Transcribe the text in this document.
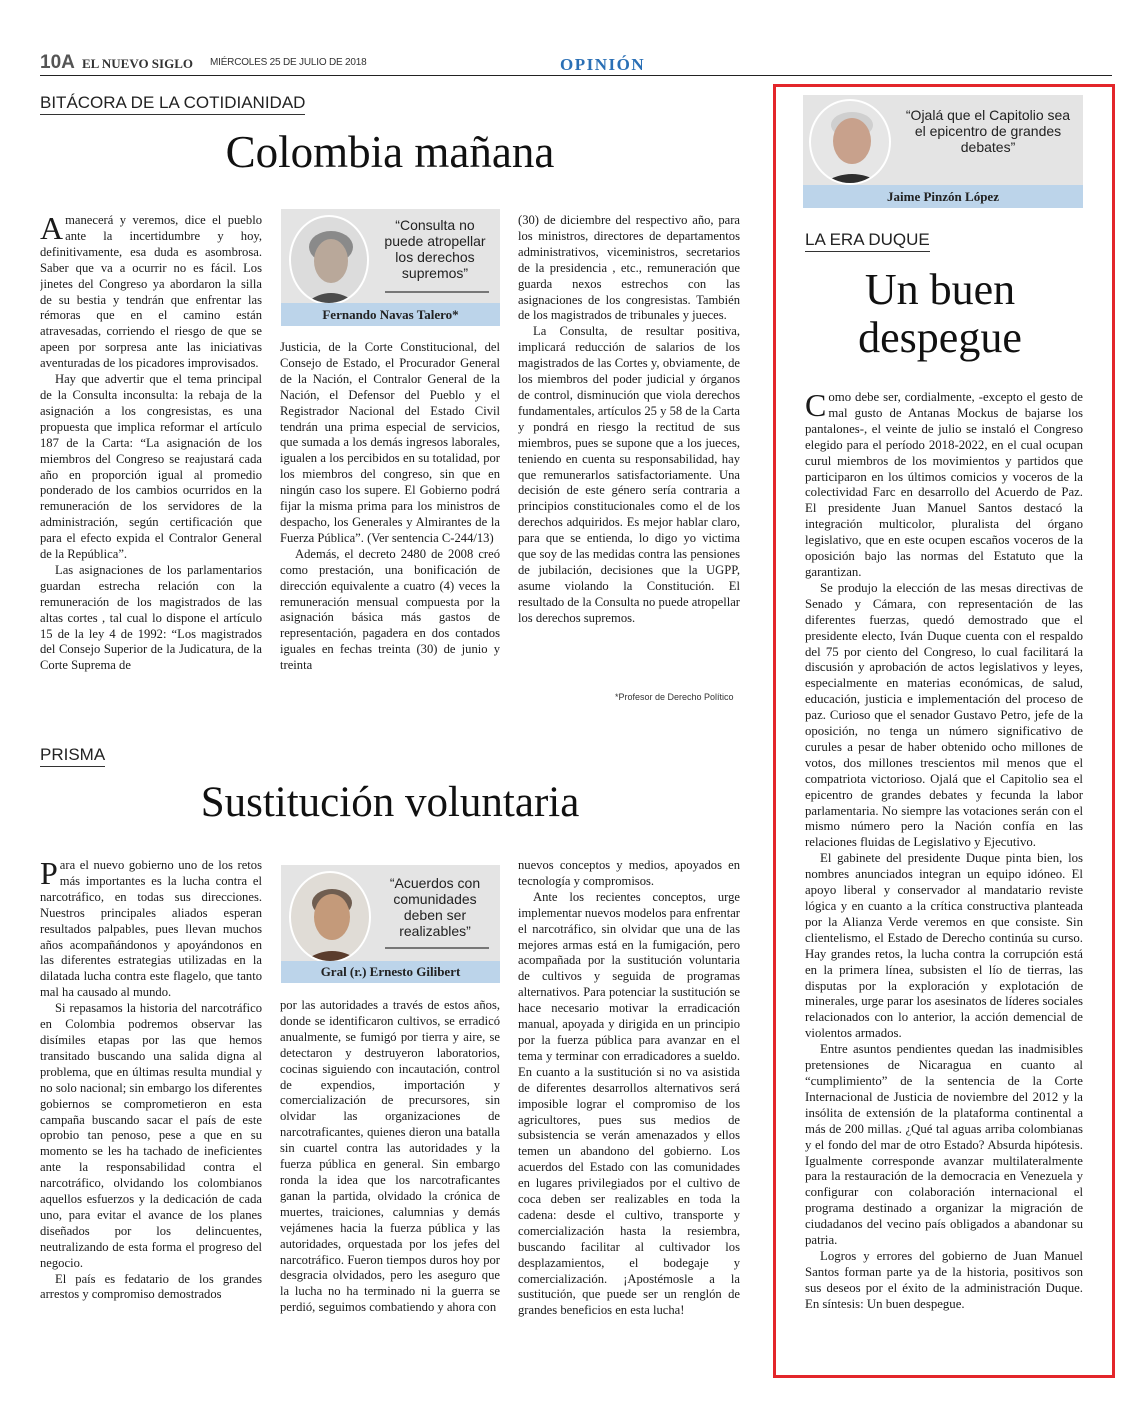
10A EL NUEVO SIGLO MIÉRCOLES 25 DE JULIO DE 2018	OPINIÓN
BITÁCORA DE LA COTIDIANIDAD
Colombia mañana

Amanecerá y veremos, dice el pueblo ante la incertidumbre y hoy, definitivamente, esa duda es asombrosa. Saber que va a ocurrir no es fácil. Los jinetes del Congreso ya abordaron la silla de su bestia y tendrán que enfrentar las rémoras que en el camino están atravesadas, corriendo el riesgo de que se apeen por sorpresa ante las iniciativas aventuradas de los picadores improvisados.

Hay que advertir que el tema principal de la Consulta inconsulta: la rebaja de la asignación a los congresistas, es una propuesta que implica reformar el artículo 187 de la Carta: “La asignación de los miembros del Congreso se reajustará cada año en proporción igual al promedio ponderado de los cambios ocurridos en la remuneración de los servidores de la administración, según certificación que para el efecto expida el Contralor General de la República”.

Las asignaciones de los parlamentarios guardan estrecha relación con la remuneración de los magistrados de las altas cortes , tal cual lo dispone el artículo 15 de la ley 4 de 1992: “Los magistrados del Consejo Superior de la Judicatura, de la Corte Suprema de

“Consulta no puede atropellar los derechos supremos”
Fernando Navas Talero*

Justicia, de la Corte Constitucional, del Consejo de Estado, el Procurador General de la Nación, el Contralor General de la Nación, el Defensor del Pueblo y el Registrador Nacional del Estado Civil tendrán una prima especial de servicios, que sumada a los demás ingresos laborales, igualen a los percibidos en su totalidad, por los miembros del congreso, sin que en ningún caso los supere. El Gobierno podrá fijar la misma prima para los ministros de despacho, los Generales y Almirantes de la Fuerza Pública”. (Ver sentencia C-244/13)

Además, el decreto 2480 de 2008 creó como prestación, una bonificación de dirección equivalente a cuatro (4) veces la remuneración mensual compuesta por la asignación básica más gastos de representación, pagadera en dos contados iguales en fechas treinta (30) de junio y treinta

(30) de diciembre del respectivo año, para los ministros, directores de departamentos administrativos, viceministros, secretarios de la presidencia , etc., remuneración que guarda nexos estrechos con las asignaciones de los congresistas. También de los magistrados de tribunales y jueces.

La Consulta, de resultar positiva, implicará reducción de salarios de los magistrados de las Cortes y, obviamente, de los miembros del poder judicial y órganos de control, disminución que viola derechos fundamentales, artículos 25 y 58 de la Carta y pondrá en riesgo la rectitud de sus miembros, pues se supone que a los jueces, teniendo en cuenta su responsabilidad, hay que remunerarlos satisfactoriamente. Una decisión de este género sería contraria a principios constitucionales como el de los derechos adquiridos. Es mejor hablar claro, para que se entienda, lo digo yo victima que soy de las medidas contra las pensiones de jubilación, decisiones que la UGPP, asume violando la Constitución. El resultado de la Consulta no puede atropellar los derechos supremos.

*Profesor de Derecho Político
PRISMA
Sustitución voluntaria

Para el nuevo gobierno uno de los retos más importantes es la lucha contra el narcotráfico, en todas sus direcciones. Nuestros principales aliados esperan resultados palpables, pues llevan muchos años acompañándonos y apoyándonos en las diferentes estrategias utilizadas en la dilatada lucha contra este flagelo, que tanto mal ha causado al mundo.

Si repasamos la historia del narcotráfico en Colombia podremos observar las disímiles etapas por las que hemos transitado buscando una salida digna al problema, que en últimas resulta mundial y no solo nacional; sin embargo los diferentes gobiernos se comprometieron en esta campaña buscando sacar el país de este oprobio tan penoso, pese a que en su momento se les ha tachado de ineficientes ante la responsabilidad contra el narcotráfico, olvidando los colombianos aquellos esfuerzos y la dedicación de cada uno, para evitar el avance de los planes diseñados por los delincuentes, neutralizando de esta forma el progreso del negocio.

El país es fedatario de los grandes arrestos y compromiso demostrados

“Acuerdos con comunidades deben ser realizables”
Gral (r.) Ernesto Gilibert

por las autoridades a través de estos años, donde se identificaron cultivos, se erradicó anualmente, se fumigó por tierra y aire, se detectaron y destruyeron laboratorios, cocinas siguiendo con incautación, control de expendios, importación y comercialización de precursores, sin olvidar las organizaciones de narcotraficantes, quienes dieron una batalla sin cuartel contra las autoridades y la fuerza pública en general. Sin embargo ronda la idea que los narcotraficantes ganan la partida, olvidado la crónica de muertes, traiciones, calumnias y demás vejámenes hacia la fuerza pública y las autoridades, orquestada por los jefes del narcotráfico. Fueron tiempos duros hoy por desgracia olvidados, pero les aseguro que la lucha no ha terminado ni la guerra se perdió, seguimos combatiendo y ahora con

nuevos conceptos y medios, apoyados en tecnología y compromisos.

Ante los recientes conceptos, urge implementar nuevos modelos para enfrentar el narcotráfico, sin olvidar que una de las mejores armas está en la fumigación, pero acompañada por la sustitución voluntaria de cultivos y seguida de programas alternativos. Para potenciar la sustitución se hace necesario motivar la erradicación manual, apoyada y dirigida en un principio por la fuerza pública para avanzar en el tema y terminar con erradicadores a sueldo. En cuanto a la sustitución si no va asistida de diferentes desarrollos alternativos será imposible lograr el compromiso de los agricultores, pues sus medios de subsistencia se verán amenazados y ellos temen un abandono del gobierno. Los acuerdos del Estado con las comunidades en lugares privilegiados por el cultivo de coca deben ser realizables en toda la cadena: desde el cultivo, transporte y comercialización hasta la resiembra, buscando facilitar al cultivador los desplazamientos, el bodegaje y comercialización. ¡Apostémosle a la sustitución, que puede ser un renglón de grandes beneficios en esta lucha!

“Ojalá que el Capitolio sea el epicentro de grandes debates”
Jaime Pinzón López
LA ERA DUQUE
Un buen
despegue

Como debe ser, cordialmente, -excepto el gesto de mal gusto de Antanas Mockus de bajarse los pantalones-, el veinte de julio se instaló el Congreso elegido para el período 2018-2022, en el cual ocupan curul miembros de los movimientos y partidos que participaron en los últimos comicios y voceros de la colectividad Farc en desarrollo del Acuerdo de Paz. El presidente Juan Manuel Santos destacó la integración multicolor, pluralista del órgano legislativo, que en este ocupen escaños voceros de la oposición bajo las normas del Estatuto que la garantizan.

Se produjo la elección de las mesas directivas de Senado y Cámara, con representación de las diferentes fuerzas, quedó demostrado que el presidente electo, Iván Duque cuenta con el respaldo del 75 por ciento del Congreso, lo cual facilitará la discusión y aprobación de actos legislativos y leyes, especialmente en materias económicas, de salud, educación, justicia e implementación del proceso de paz. Curioso que el senador Gustavo Petro, jefe de la oposición, no tenga un número significativo de curules a pesar de haber obtenido ocho millones de votos, dos millones trescientos mil menos que el compatriota victorioso. Ojalá que el Capitolio sea el epicentro de grandes debates y fecunda la labor parlamentaria. No siempre las votaciones serán con el mismo número pero la Nación confía en las relaciones fluidas de Legislativo y Ejecutivo.

El gabinete del presidente Duque pinta bien, los nombres anunciados integran un equipo idóneo. El apoyo liberal y conservador al mandatario reviste lógica y en cuanto a la crítica constructiva planteada por la Alianza Verde veremos en que consiste. Sin clientelismo, el Estado de Derecho continúa su curso. Hay grandes retos, la lucha contra la corrupción está en la primera línea, subsisten el lío de tierras, las disputas por la exploración y explotación de minerales, urge parar los asesinatos de líderes sociales relacionados con lo anterior, la acción demencial de violentos armados.

Entre asuntos pendientes quedan las inadmisibles pretensiones de Nicaragua en cuanto al “cumplimiento” de la sentencia de la Corte Internacional de Justicia de noviembre del 2012 y la insólita de extensión de la plataforma continental a más de 200 millas. ¿Qué tal aguas arriba colombianas y el fondo del mar de otro Estado? Absurda hipótesis. Igualmente corresponde avanzar multilateralmente para la restauración de la democracia en Venezuela y configurar con colaboración internacional el programa destinado a organizar la migración de ciudadanos del vecino país obligados a abandonar su patria.

Logros y errores del gobierno de Juan Manuel Santos forman parte ya de la historia, positivos son sus deseos por el éxito de la administración Duque. En síntesis: Un buen despegue.
